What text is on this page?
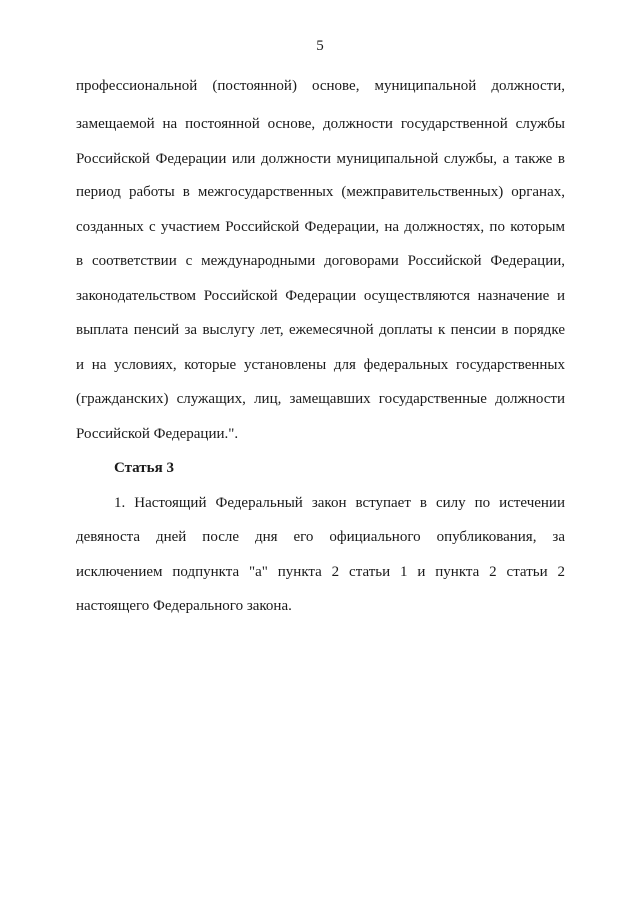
5
профессиональной (постоянной) основе, муниципальной должности,
замещаемой на постоянной основе, должности государственной службы
Российской Федерации или должности муниципальной службы, а также в
период работы в межгосударственных (межправительственных) органах,
созданных с участием Российской Федерации, на должностях, по которым
в соответствии с международными договорами Российской Федерации,
законодательством Российской Федерации осуществляются назначение и
выплата пенсий за выслугу лет, ежемесячной доплаты к пенсии в порядке
и на условиях, которые установлены для федеральных государственных
(гражданских) служащих, лиц, замещавших государственные должности
Российской Федерации.".
Статья 3
1. Настоящий Федеральный закон вступает в силу по истечении
девяноста дней после дня его официального опубликования, за
исключением подпункта "а" пункта 2 статьи 1 и пункта 2 статьи 2
настоящего Федерального закона.
